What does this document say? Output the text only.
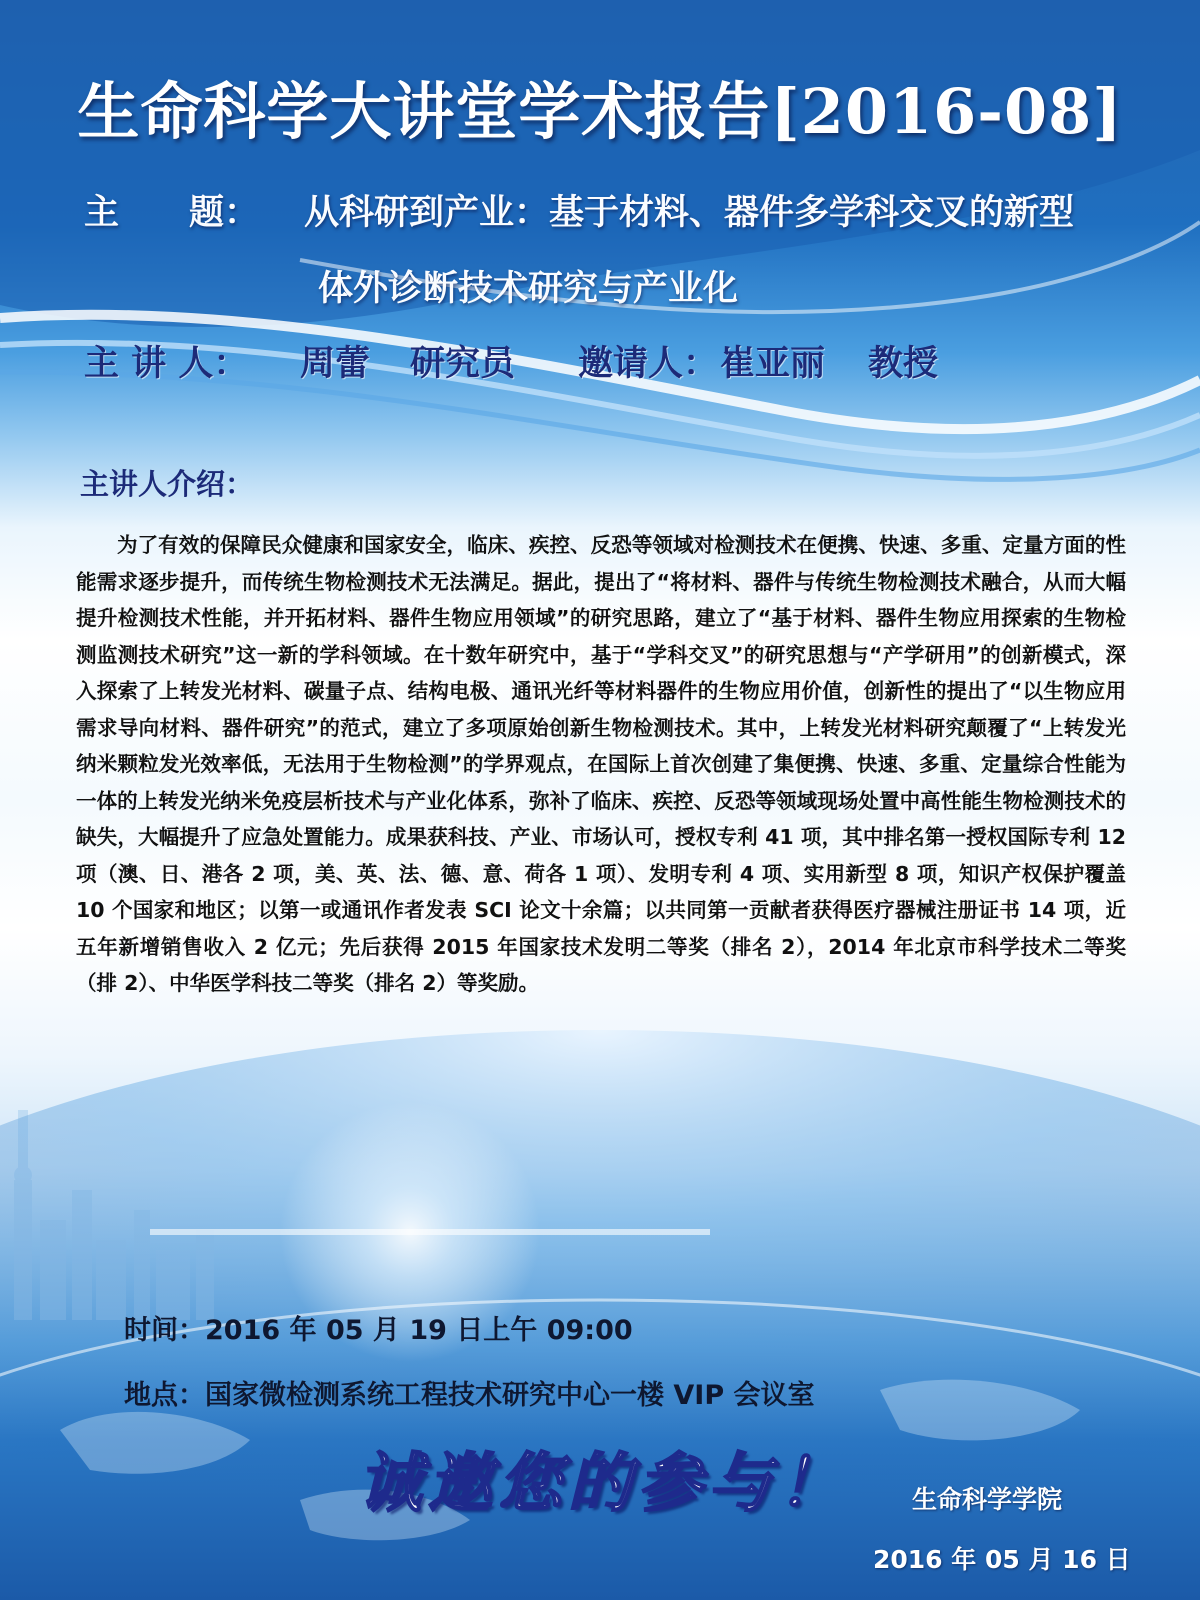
生命科学大讲堂学术报告[2016-08]
主　　题： 从科研到产业：基于材料、器件多学科交叉的新型
体外诊断技术研究与产业化
主 讲 人： 周蕾 研究员 邀请人： 崔亚丽 教授
主讲人介绍：

为了有效的保障民众健康和国家安全，临床、疾控、反恐等领域对检测技术在便携、快速、多重、定量方面的性能需求逐步提升，而传统生物检测技术无法满足。据此，提出了“将材料、器件与传统生物检测技术融合，从而大幅提升检测技术性能，并开拓材料、器件生物应用领域”的研究思路，建立了“基于材料、器件生物应用探索的生物检测监测技术研究”这一新的学科领域。在十数年研究中，基于“学科交叉”的研究思想与“产学研用”的创新模式，深入探索了上转发光材料、碳量子点、结构电极、通讯光纤等材料器件的生物应用价值，创新性的提出了“以生物应用需求导向材料、器件研究”的范式，建立了多项原始创新生物检测技术。其中，上转发光材料研究颠覆了“上转发光纳米颗粒发光效率低，无法用于生物检测”的学界观点，在国际上首次创建了集便携、快速、多重、定量综合性能为一体的上转发光纳米免疫层析技术与产业化体系，弥补了临床、疾控、反恐等领域现场处置中高性能生物检测技术的缺失，大幅提升了应急处置能力。成果获科技、产业、市场认可，授权专利 41 项，其中排名第一授权国际专利 12 项（澳、日、港各 2 项，美、英、法、德、意、荷各 1 项）、发明专利 4 项、实用新型 8 项，知识产权保护覆盖 10 个国家和地区；以第一或通讯作者发表 SCI 论文十余篇；以共同第一贡献者获得医疗器械注册证书 14 项，近五年新增销售收入 2 亿元；先后获得 2015 年国家技术发明二等奖（排名 2），2014 年北京市科学技术二等奖（排 2）、中华医学科技二等奖（排名 2）等奖励。

时间：2016 年 05 月 19 日上午 09:00
地点：国家微检测系统工程技术研究中心一楼 VIP 会议室
诚邀您的参与！	生命科学学院
2016 年 05 月 16 日
